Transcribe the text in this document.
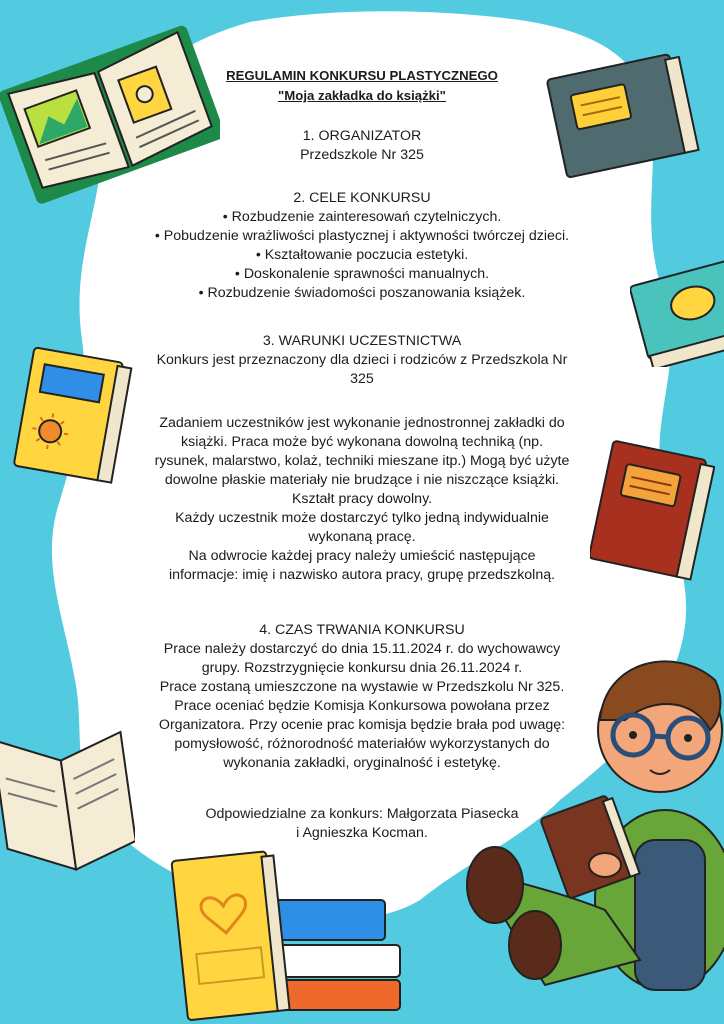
REGULAMIN KONKURSU PLASTYCZNEGO

"Moja zakładka do książki"

1. ORGANIZATOR

Przedszkole Nr 325

2. CELE KONKURSU

• Rozbudzenie zainteresowań czytelniczych.

• Pobudzenie wrażliwości plastycznej i aktywności twórczej dzieci.

• Kształtowanie poczucia estetyki.

• Doskonalenie sprawności manualnych.

• Rozbudzenie świadomości poszanowania książek.

3. WARUNKI UCZESTNICTWA

Konkurs jest przeznaczony dla dzieci i rodziców z Przedszkola Nr

325

Zadaniem uczestników jest wykonanie jednostronnej zakładki do

książki. Praca może być wykonana dowolną techniką (np.

rysunek, malarstwo, kolaż, techniki mieszane itp.) Mogą być użyte

dowolne płaskie materiały nie brudzące i nie niszczące książki.

Kształt pracy dowolny.

Każdy uczestnik może dostarczyć tylko jedną indywidualnie

wykonaną pracę.

Na odwrocie każdej pracy należy umieścić następujące

informacje: imię i nazwisko autora pracy, grupę przedszkolną.

4. CZAS TRWANIA KONKURSU

Prace należy dostarczyć do dnia 15.11.2024 r. do wychowawcy

grupy. Rozstrzygnięcie konkursu dnia 26.11.2024 r.

Prace zostaną umieszczone na wystawie w Przedszkolu Nr 325.

Prace oceniać będzie Komisja Konkursowa powołana przez

Organizatora. Przy ocenie prac komisja będzie brała pod uwagę:

pomysłowość, różnorodność materiałów wykorzystanych do

wykonania zakładki, oryginalność i estetykę.

Odpowiedzialne za konkurs: Małgorzata Piasecka

i Agnieszka Kocman.
